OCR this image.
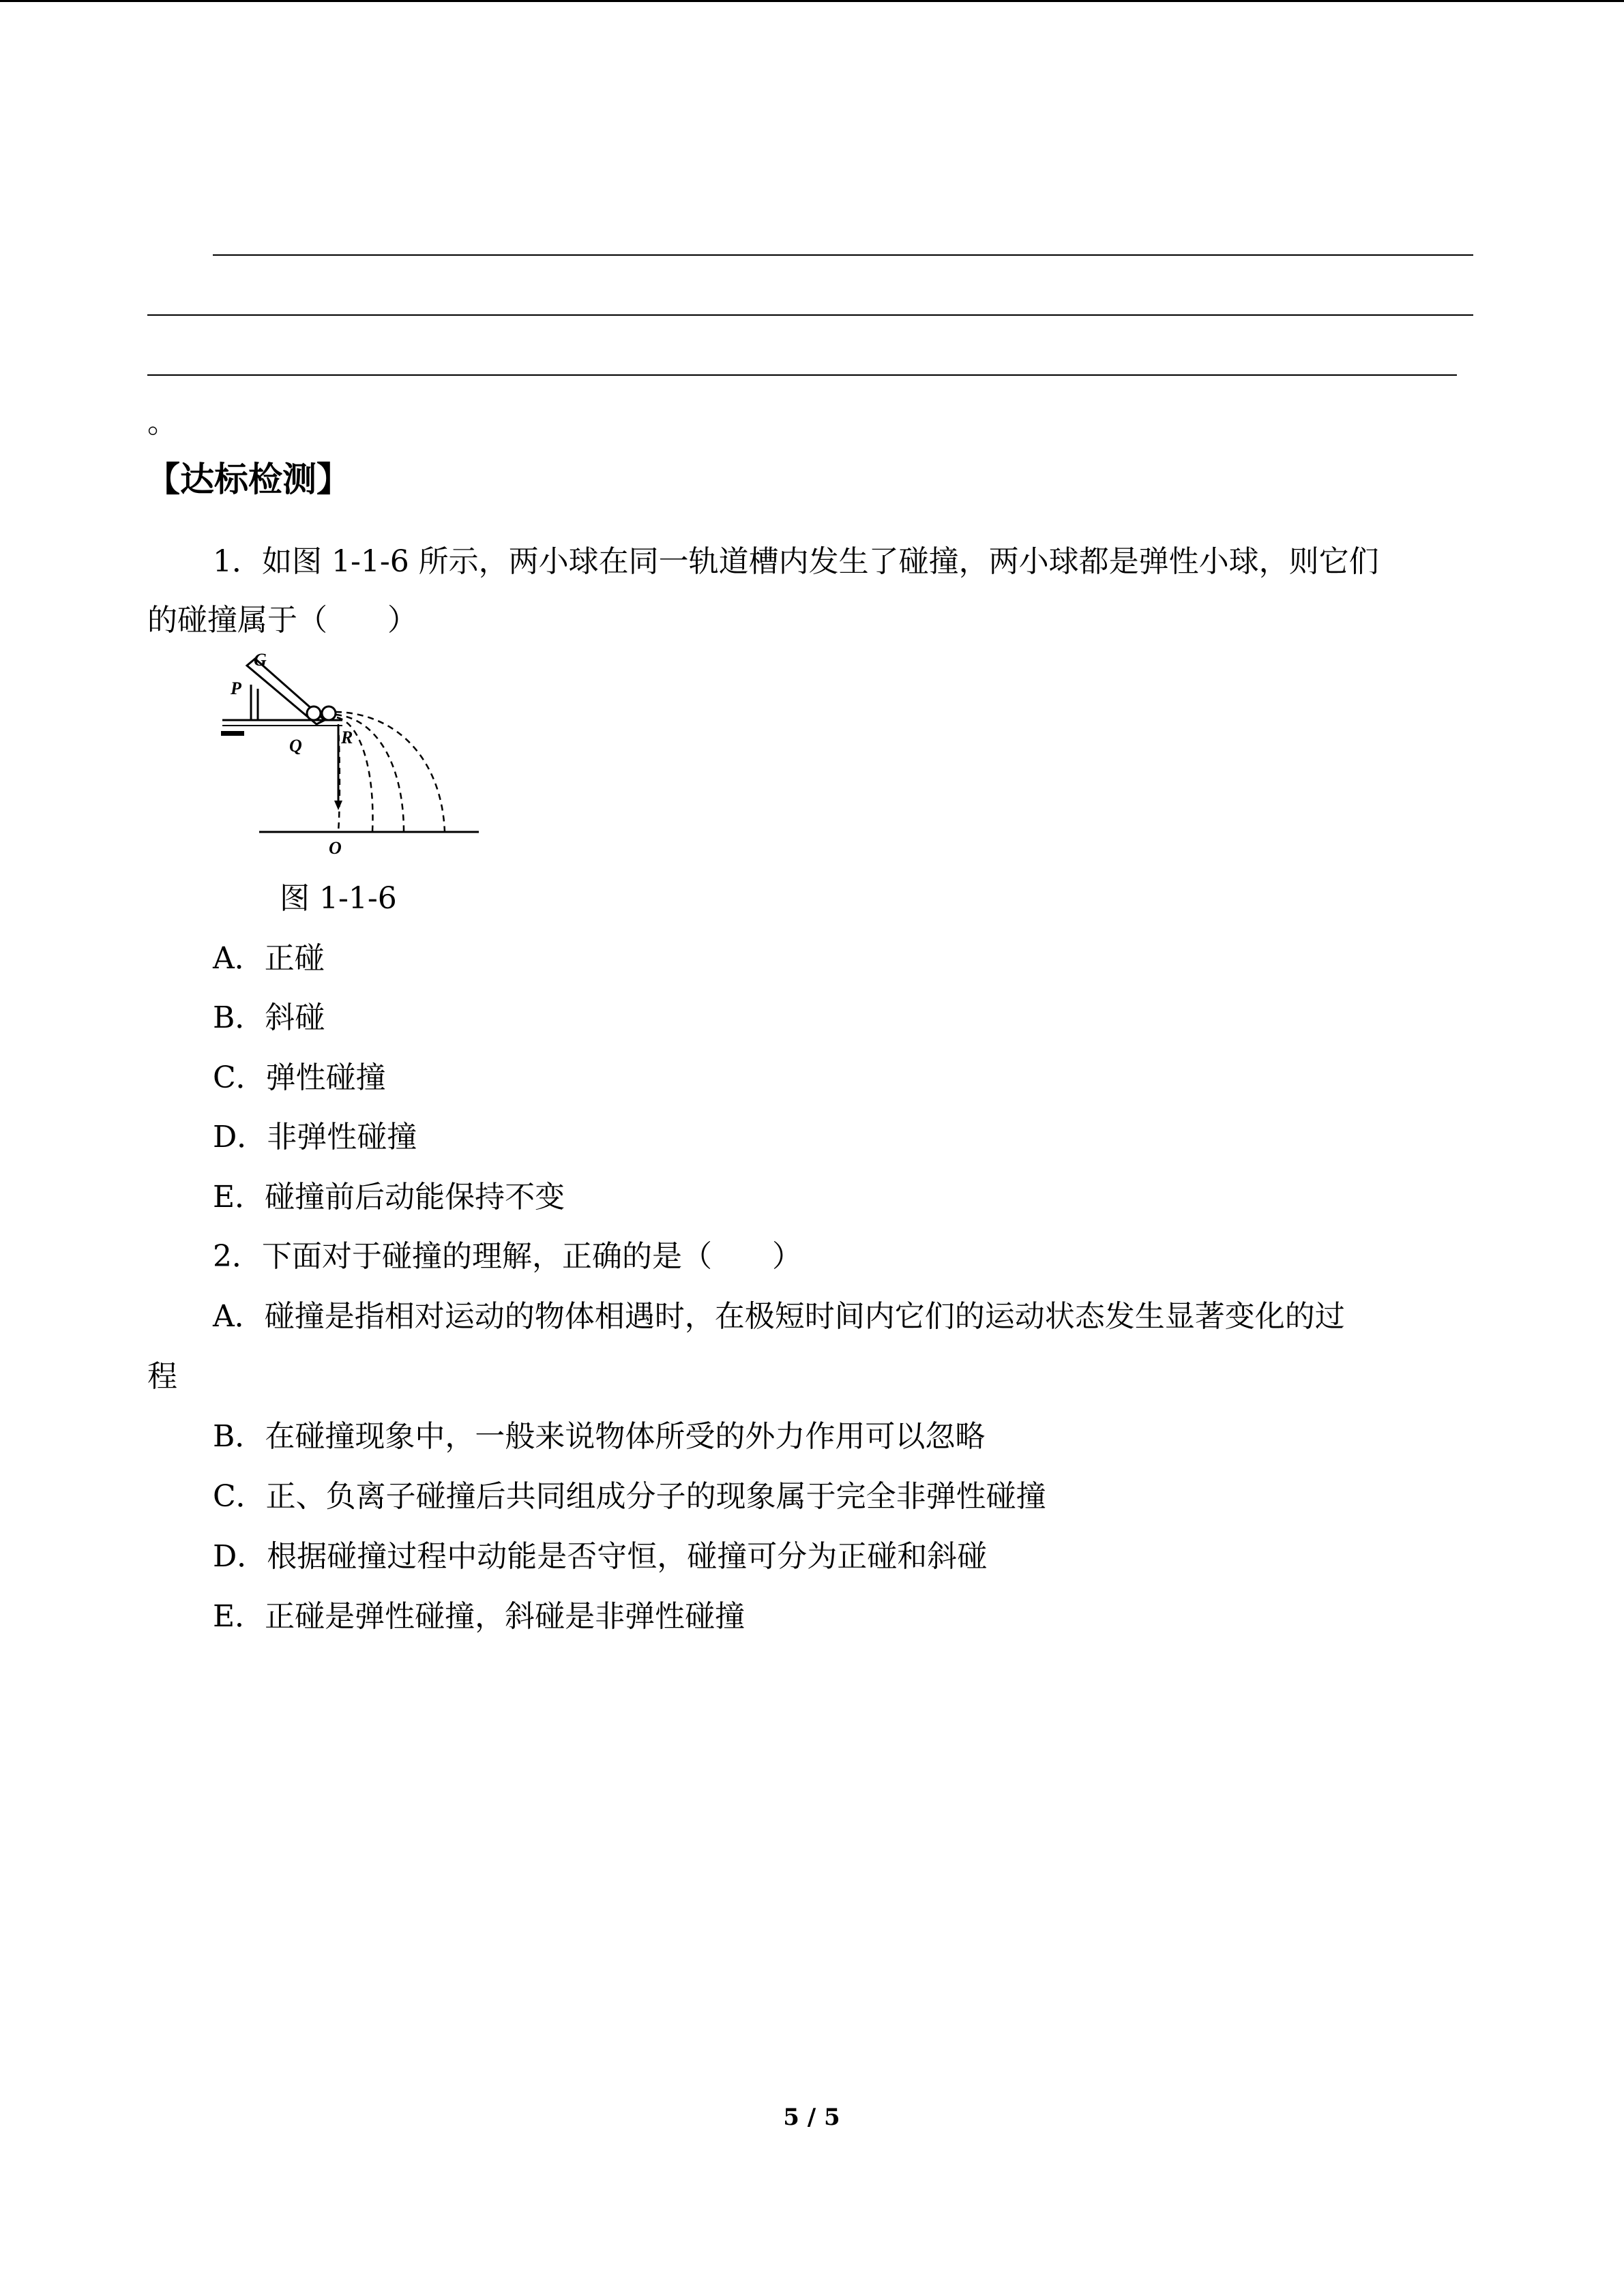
。
【达标检测】
1．如图 1-1-6 所示，两小球在同一轨道槽内发生了碰撞，两小球都是弹性小球，则它们
的碰撞属于（　　）
G
P
Q R
O
图 1-1-6
A．正碰
B．斜碰
C．弹性碰撞
D．非弹性碰撞
E．碰撞前后动能保持不变
2．下面对于碰撞的理解，正确的是（　　）
A．碰撞是指相对运动的物体相遇时，在极短时间内它们的运动状态发生显著变化的过
程
B．在碰撞现象中，一般来说物体所受的外力作用可以忽略
C．正、负离子碰撞后共同组成分子的现象属于完全非弹性碰撞
D．根据碰撞过程中动能是否守恒，碰撞可分为正碰和斜碰
E．正碰是弹性碰撞，斜碰是非弹性碰撞
5 / 5
